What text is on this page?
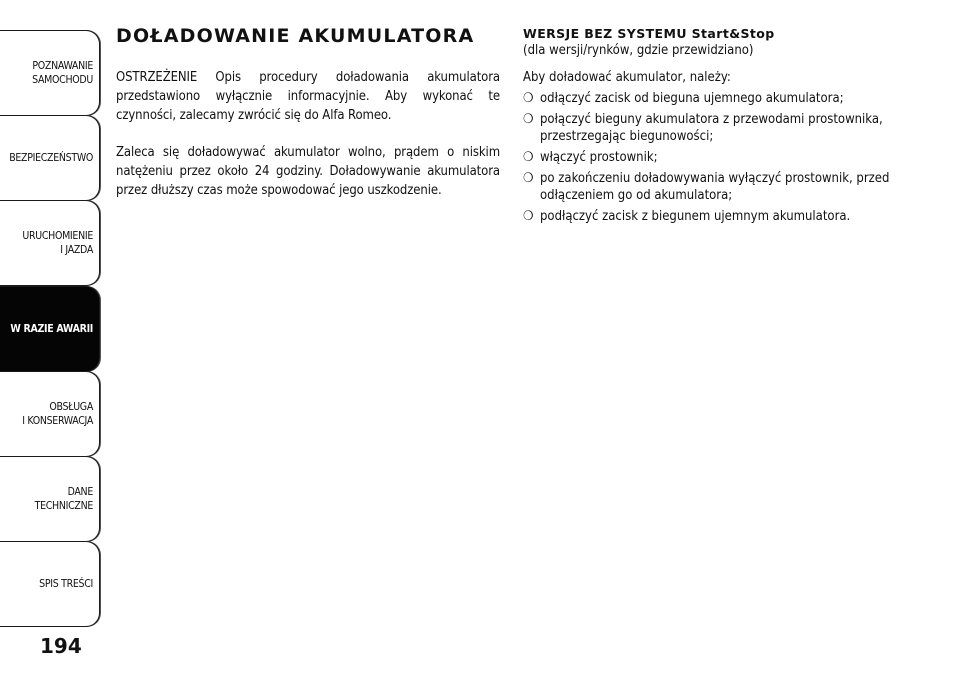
POZNAWANIE
SAMOCHODU
BEZPIECZEŃSTWO
URUCHOMIENIE
I JAZDA
W RAZIE AWARII
OBSŁUGA
I KONSERWACJA
DANE
TECHNICZNE
SPIS TREŚCI
194
DOŁADOWANIE AKUMULATORA

OSTRZEŻENIE Opis procedury doładowania akumulatora przedstawiono wyłącznie informacyjnie. Aby wykonać te czynności, zalecamy zwrócić się do Alfa Romeo.

Zaleca się doładowywać akumulator wolno, prądem o niskim natężeniu przez około 24 godziny. Doładowywanie akumulatora przez dłuższy czas może spowodować jego uszkodzenie.

WERSJE BEZ SYSTEMU Start&Stop
(dla wersji/rynków, gdzie przewidziano)
Aby doładować akumulator, należy:
❍ odłączyć zacisk od bieguna ujemnego akumulatora;
❍ połączyć bieguny akumulatora z przewodami prostownika, przestrzegając biegunowości;
❍ włączyć prostownik;
❍ po zakończeniu doładowywania wyłączyć prostownik, przed odłączeniem go od akumulatora;
❍ podłączyć zacisk z biegunem ujemnym akumulatora.
